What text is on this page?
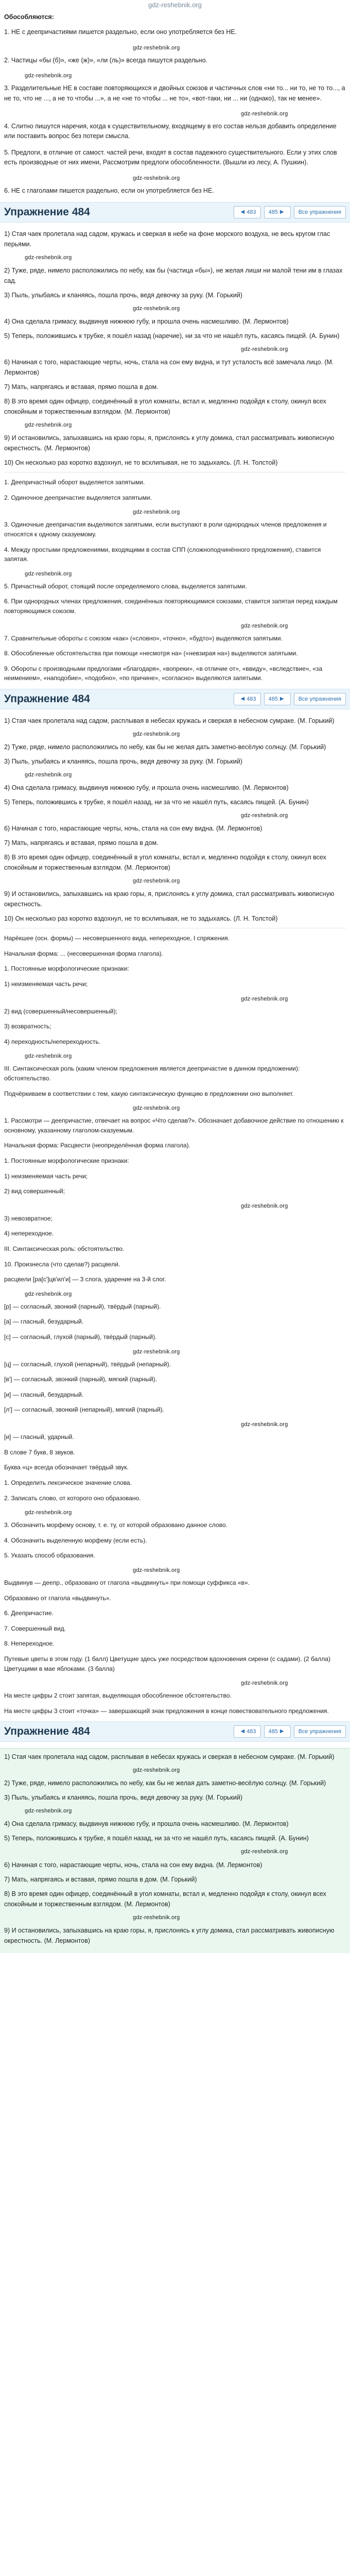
gdz-reshebnik.org
Обособляются:

1. НЕ с деепричастиями пишется раздельно, если оно употребляется без НЕ.

gdz-reshebnik.org

2. Частицы «бы (б)», «же (ж)», «ли (ль)» всегда пишутся раздельно.

gdz-reshebnik.org

3. Разделительные НЕ в составе повторяющихся и двойных союзов и частичных слов «ни то... ни то, не то то..., а не то, что не ..., а не то чтобы ...», а не «не то чтобы ... не то», «вот-таки, ни ... ни (однако), так не менее».

gdz-reshebnik.org

4. Слитно пишутся наречия, когда к существительному, входящему в его состав нельзя добавить определение или поставить вопрос без потери смысла.

5. Предлоги, в отличие от самост. частей речи, входят в состав падежного существительного. Если у этих слов есть производные от них имени, Рассмотрим предлоги обособленности. (Вышли из лесу, А. Пушкин).

gdz-reshebnik.org

6. НЕ с глаголами пишется раздельно, если он употребляется без НЕ.

Упражнение 484	◀ 483 485 ▶	Все упражнения
1) Стая чаек пролетала над садом, кружась и сверкая в небе на фоне морского воздуха, не весь кругом глас перьями.
gdz-reshebnik.org
2) Туже, ряде, нимело расположились по небу, как бы (частица «бы»), не желая лиши ни малой тени им в глазах сад.
3) Пыль, улыбаясь и кланяясь, пошла прочь, ведя девочку за руку. (М. Горький)
gdz-reshebnik.org
4) Она сделала гримасу, выдвинув нижнюю губу, и прошла очень насмешливо. (М. Лермонтов)
5) Теперь, положившись к трубке, я пошёл назад (наречие), ни за что не нашёл путь, касаясь пищей. (А. Бунин)
gdz-reshebnik.org
6) Начиная с того, нарастающие черты, ночь, стала на сон ему видна, и тут усталость всё замечала лицо. (М. Лермонтов)
7) Мать, напрягаясь и вставая, прямо пошла в дом.
8) В это время один офицер, соединённый в угол комнаты, встал и, медленно подойдя к столу, окинул всех спокойным и торжественным взглядом. (М. Лермонтов)
gdz-reshebnik.org
9) И остановились, запыхавшись на краю горы, я, прислонясь к углу домика, стал рассматривать живописную окрестность. (М. Лермонтов)
10) Он несколько раз коротко вздохнул, не то всхлипывая, не то задыхаясь. (Л. Н. Толстой)

1. Деепричастный оборот выделяется запятыми.

2. Одиночное деепричастие выделяется запятыми.

gdz-reshebnik.org

3. Одиночные деепричастия выделяются запятыми, если выступают в роли однородных членов предложения и относятся к одному сказуемому.

4. Между простыми предложениями, входящими в состав СПП (сложноподчинённого предложения), ставится запятая.

gdz-reshebnik.org

5. Причастный оборот, стоящий после определяемого слова, выделяется запятыми.

6. При однородных членах предложения, соединённых повторяющимися союзами, ставится запятая перед каждым повторяющимся союзом.

gdz-reshebnik.org

7. Сравнительные обороты с союзом «как» («словно», «точно», «будто») выделяются запятыми.

8. Обособленные обстоятельства при помощи «несмотря на» («невзирая на») выделяются запятыми.

9. Обороты с производными предлогами «благодаря», «вопреки», «в отличие от», «ввиду», «вследствие», «за неимением», «наподобие», «подобно», «по причине», «согласно» выделяются запятыми.

Упражнение 484	◀ 483 485 ▶	Все упражнения
1) Стая чаек пролетала над садом, расплывая в небесах кружась и сверкая в небесном сумраке. (М. Горький)
gdz-reshebnik.org
2) Туже, ряде, нимело расположились по небу, как бы не желая дать заметно-весёлую солнцу. (М. Горький)
3) Пыль, улыбаясь и кланяясь, пошла прочь, ведя девочку за руку. (М. Горький)
gdz-reshebnik.org
4) Она сделала гримасу, выдвинув нижнюю губу, и прошла очень насмешливо. (М. Лермонтов)
5) Теперь, положившись к трубке, я пошёл назад, ни за что не нашёл путь, касаясь пищей. (А. Бунин)
gdz-reshebnik.org
6) Начиная с того, нарастающие черты, ночь, стала на сон ему видна. (М. Лермонтов)
7) Мать, напрягаясь и вставая, прямо пошла в дом.
8) В это время один офицер, соединённый в угол комнаты, встал и, медленно подойдя к столу, окинул всех спокойным и торжественным взглядом. (М. Лермонтов)
gdz-reshebnik.org
9) И остановились, запыхавшись на краю горы, я, прислонясь к углу домика, стал рассматривать живописную окрестность.
10) Он несколько раз коротко вздохнул, не то всхлипывая, не то задыхаясь. (Л. Н. Толстой)

Нарёкшее (осн. формы) — несовершенного вида, непереходное, I спряжения.

Начальная форма: ... (несовершенная форма глагола).

1. Постоянные морфологические признаки:

1) неизменяемая часть речи;

gdz-reshebnik.org

2) вид (совершенный/несовершенный);

3) возвратность;

4) переходность/непереходность.

gdz-reshebnik.org

III. Синтаксическая роль (каким членом предложения является деепричастие в данном предложении): обстоятельство.

Подчёркиваем в соответствии с тем, какую синтаксическую функцию в предложении оно выполняет.

gdz-reshebnik.org

1. Рассмотри — деепричастие, отвечает на вопрос «Что сделав?». Обозначает добавочное действие по отношению к основному, указанному глаголом-сказуемым.

Начальная форма: Расцвести (неопределённая форма глагола).

1. Постоянные морфологические признаки:

1) неизменяемая часть речи;

2) вид совершенный;

gdz-reshebnik.org

3) невозвратное;

4) непереходное.

III. Синтаксическая роль: обстоятельство.

10. Произнесла (что сделав?) расцвели́.

расцвели [ра[с']цв'ил'и] — 3 слога, ударение на 3-й слог.

gdz-reshebnik.org

[р] — согласный, звонкий (парный), твёрдый (парный).

[а] — гласный, безударный.

[с] — согласный, глухой (парный), твёрдый (парный).

gdz-reshebnik.org

[ц] — согласный, глухой (непарный), твёрдый (непарный).

[в'] — согласный, звонкий (парный), мягкий (парный).

[и] — гласный, безударный.

[л'] — согласный, звонкий (непарный), мягкий (парный).

gdz-reshebnik.org

[и] — гласный, ударный.

В слове 7 букв, 8 звуков.

Буква «ц» всегда обозначает твёрдый звук.

1. Определить лексическое значение слова.

2. Записать слово, от которого оно образовано.

gdz-reshebnik.org

3. Обозначить морфему основу, т. е. ту, от которой образовано данное слово.

4. Обозначить выделенную морфему (если есть).

5. Указать способ образования.

gdz-reshebnik.org

Выдвинув — деепр., образовано от глагола «выдвинуть» при помощи суффикса «в».

Образовано от глагола «выдвинуть».

6. Деепричастие.

7. Совершенный вид.

8. Непереходное.

Путевые цветы в этом году. (1 балл) Цветущие здесь уже посредством вдохновения сирени (с садами). (2 балла) Цветущими в мае яблоками. (3 балла)

gdz-reshebnik.org

На месте цифры 2 стоит запятая, выделяющая обособленное обстоятельство.

На месте цифры 3 стоит «точка» — завершающий знак предложения в конце повествовательного предложения.

Упражнение 484	◀ 483 485 ▶	Все упражнения
1) Стая чаек пролетала над садом, расплывая в небесах кружась и сверкая в небесном сумраке. (М. Горький)
gdz-reshebnik.org
2) Туже, ряде, нимело расположились по небу, как бы не желая дать заметно-весёлую солнцу. (М. Горький)
3) Пыль, улыбаясь и кланяясь, пошла прочь, ведя девочку за руку. (М. Горький)
gdz-reshebnik.org
4) Она сделала гримасу, выдвинув нижнюю губу, и прошла очень насмешливо. (М. Лермонтов)
5) Теперь, положившись к трубке, я пошёл назад, ни за что не нашёл путь, касаясь пищей. (А. Бунин)
gdz-reshebnik.org
6) Начиная с того, нарастающие черты, ночь, стала на сон ему видна. (М. Лермонтов)
7) Мать, напрягаясь и вставая, прямо пошла в дом. (М. Горький)
8) В это время один офицер, соединённый в угол комнаты, встал и, медленно подойдя к столу, окинул всех спокойным и торжественным взглядом. (М. Лермонтов)
gdz-reshebnik.org
9) И остановились, запыхавшись на краю горы, я, прислонясь к углу домика, стал рассматривать живописную окрестность. (М. Лермонтов)
